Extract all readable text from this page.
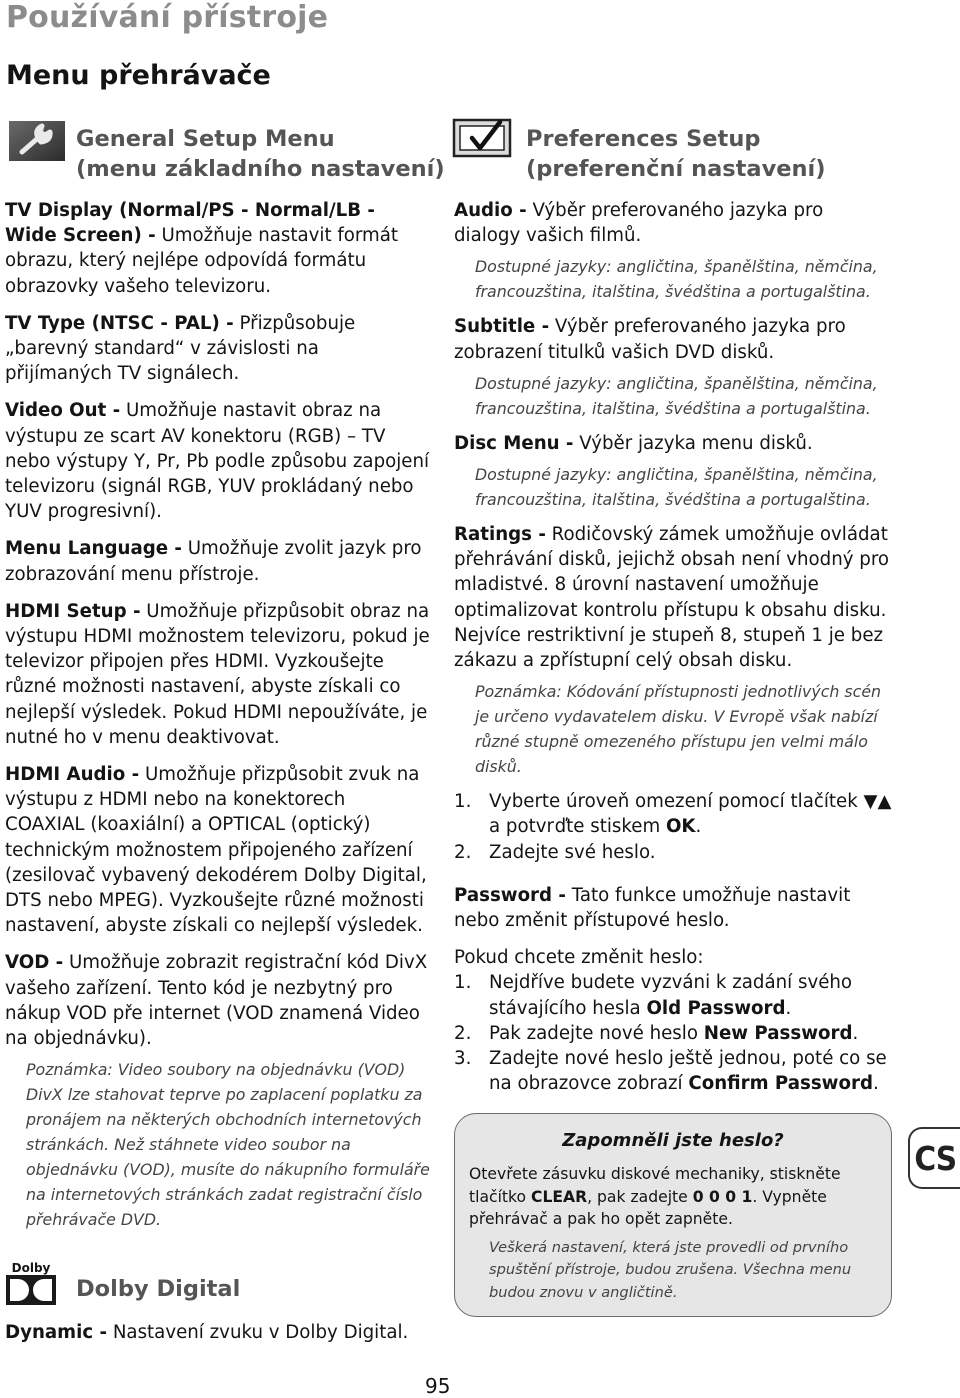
Používání přístroje
Menu přehrávače
General Setup Menu
(menu základního nastavení)
Preferences Setup
(preferenční nastavení)

TV Display (Normal/PS - Normal/LB - Wide Screen) - Umožňuje nastavit formát obrazu, který nejlépe odpovídá formátu obrazovky vašeho televizoru.

TV Type (NTSC - PAL) - Přizpůsobuje „barevný standard“ v závislosti na přijímaných TV signálech.

Video Out - Umožňuje nastavit obraz na výstupu ze scart AV konektoru (RGB) – TV nebo výstupy Y, Pr, Pb podle způsobu zapojení televizoru (signál RGB, YUV prokládaný nebo YUV progresivní).

Menu Language - Umožňuje zvolit jazyk pro zobrazování menu přístroje.

HDMI Setup - Umožňuje přizpůsobit obraz na výstupu HDMI možnostem televizoru, pokud je televizor připojen přes HDMI. Vyzkoušejte různé možnosti nastavení, abyste získali co nejlepší výsledek. Pokud HDMI nepoužíváte, je nutné ho v menu deaktivovat.

HDMI Audio - Umožňuje přizpůsobit zvuk na výstupu z HDMI nebo na konektorech COAXIAL (koaxiální) a OPTICAL (optický) technickým možnostem připojeného zařízení (zesilovač vybavený dekodérem Dolby Digital, DTS nebo MPEG). Vyzkoušejte různé možnosti nastavení, abyste získali co nejlepší výsledek.

VOD - Umožňuje zobrazit registrační kód DivX vašeho zařízení. Tento kód je nezbytný pro nákup VOD pře internet (VOD znamená Video na objednávku).

Poznámka: Video soubory na objednávku (VOD) DivX lze stahovat teprve po zaplacení poplatku za pronájem na některých obchodních internetových stránkách. Než stáhnete video soubor na objednávku (VOD), musíte do nákupního formuláře na internetových stránkách zadat registrační číslo přehrávače DVD.
Dolby
Dolby Digital

Dynamic - Nastavení zvuku v Dolby Digital.

Audio - Výběr preferovaného jazyka pro dialogy vašich filmů.

Dostupné jazyky: angličtina, španělština, němčina, francouzština, italština, švédština a portugalština.

Subtitle - Výběr preferovaného jazyka pro zobrazení titulků vašich DVD disků.

Dostupné jazyky: angličtina, španělština, němčina, francouzština, italština, švédština a portugalština.

Disc Menu - Výběr jazyka menu disků.

Dostupné jazyky: angličtina, španělština, němčina, francouzština, italština, švédština a portugalština.

Ratings - Rodičovský zámek umožňuje ovládat přehrávání disků, jejichž obsah není vhodný pro mladistvé. 8 úrovní nastavení umožňuje optimalizovat kontrolu přístupu k obsahu disku. Nejvíce restriktivní je stupeň 8, stupeň 1 je bez zákazu a zpřístupní celý obsah disku.

Poznámka: Kódování přístupnosti jednotlivých scén je určeno vydavatelem disku. V Evropě však nabízí různé stupně omezeného přístupu jen velmi málo disků.
1. Vyberte úroveň omezení pomocí tlačítek ▼▲ a potvrďte stiskem OK.
2. Zadejte své heslo.

Password - Tato funkce umožňuje nastavit nebo změnit přístupové heslo.

Pokud chcete změnit heslo:

1. Nejdříve budete vyzváni k zadání svého stávajícího hesla Old Password.
2. Pak zadejte nové heslo New Password.
3. Zadejte nové heslo ještě jednou, poté co se na obrazovce zobrazí Confirm Password.
Zapomněli jste heslo?
Otevřete zásuvku diskové mechaniky, stiskněte tlačítko CLEAR, pak zadejte 0 0 0 1. Vypněte přehrávač a pak ho opět zapněte.
Veškerá nastavení, která jste provedli od prvního spuštění přístroje, budou zrušena. Všechna menu budou znovu v angličtině.
CS
95
